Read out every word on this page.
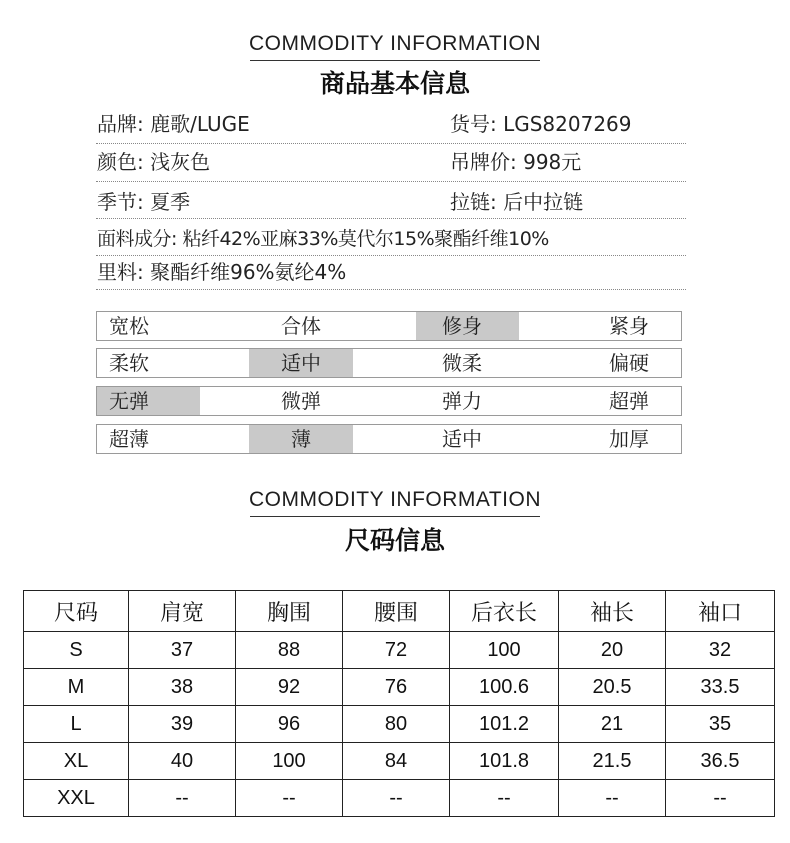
COMMODITY INFORMATION
商品基本信息
品牌: 鹿歌/LUGE	货号: LGS8207269
颜色: 浅灰色	吊牌价: 998元
季节: 夏季	拉链: 后中拉链
面料成分: 粘纤42%亚麻33%莫代尔15%聚酯纤维10%
里料: 聚酯纤维96%氨纶4%
宽松	合体	修身	紧身
柔软	适中	微柔	偏硬
无弹	微弹	弹力	超弹
超薄	薄	适中	加厚
COMMODITY INFORMATION
尺码信息
尺码	肩宽	胸围	腰围	后衣长	袖长	袖口
S	37	88	72	100	20	32
M	38	92	76	100.6	20.5	33.5
L	39	96	80	101.2	21	35
XL	40	100	84	101.8	21.5	36.5
XXL	--	--	--	--	--	--
